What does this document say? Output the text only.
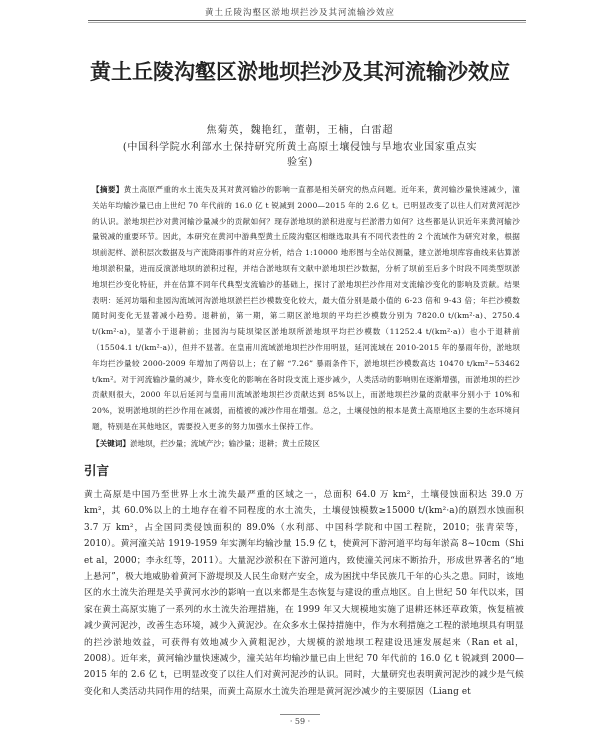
黄土丘陵沟壑区淤地坝拦沙及其河流输沙效应
黄土丘陵沟壑区淤地坝拦沙及其河流输沙效应
焦菊英，魏艳红，董朝，王楠，白雷超
(中国科学院水利部水土保持研究所黄土高原土壤侵蚀与旱地农业国家重点实验室)

【摘要】黄土高原严重的水土流失及其对黄河输沙的影响一直都是相关研究的热点问题。近年来，黄河输沙量快速减少，潼关站年均输沙量已由上世纪 70 年代前的 16.0 亿 t 锐减到 2000—2015 年的 2.6 亿 t。已明显改变了以往人们对黄河泥沙的认识。淤地坝拦沙对黄河输沙量减少的贡献如何？现存淤地坝的淤积进度与拦淤潜力如何？这些都是认识近年来黄河输沙量锐减的重要环节。因此，本研究在黄河中游典型黄土丘陵沟壑区相继选取具有不同代表性的 2 个流域作为研究对象，根据坝前泥样、淤积层次数据及与产流降雨事件的对应分析，结合 1:10000 地形图与全站仪测量，建立淤地坝库容曲线来估算淤地坝淤积量，进而反演淤地坝的淤积过程，并结合淤地坝有文献中淤地坝拦沙数据，分析了坝前至后多个时段不同类型坝淤地坝拦沙变化特征，并在估算不同年代典型支流输沙的基础上，探讨了淤地坝拦沙作用对支流输沙变化的影响及贡献。结果表明：延河坊塌和韭园沟流域河沟淤地坝淤拦拦沙模数变化较大，最大值分别是最小值的 6-23 倍和 9-43 倍；年拦沙模数随时间变化无显著减小趋势。退耕前，第一期，第二期区淤地坝的平均拦沙模数分别为 7820.0 t/(km²·a)、2750.4 t/(km²·a)，显著小于退耕前；韭园沟与陡坝梁区淤地坝所淤地坝平均拦沙模数（11252.4 t/(km²·a)）也小于退耕前（15504.1 t/(km²·a)），但并不显著。在皇甫川流域淤地坝拦沙作用明显，延河流域在 2010-2015 年的暴雨年份，淤地坝年均拦沙量较 2000-2009 年增加了两倍以上；在了解 “7.26” 暴雨条件下，淤地坝拦沙模数高达 10470 t/km²~53462 t/km²。对于河流输沙量的减少，降水变化的影响在各时段支流上逐步减少，人类活动的影响则在逐渐增强，而淤地坝的拦沙贡献则很大，2000 年以后延河与皇甫川流域淤地坝拦沙贡献达到 85%以上，而淤地坝拦沙量的贡献率分别小于 10%和 20%，说明淤地坝的拦沙作用在减弱，而植被的减沙作用在增强。总之，土壤侵蚀的根本是黄土高原地区主要的生态环境问题，特别是在其他地区，需要投入更多的努力加强水土保持工作。

【关键词】淤地坝，拦沙量；流域产沙；输沙量；退耕；黄土丘陵区

引言

黄土高原是中国乃至世界上水土流失最严重的区域之一，总面积 64.0 万 km²，土壤侵蚀面积达 39.0 万 km²，其 60.0%以上的土地存在着不同程度的水土流失，土壤侵蚀模数≥15000 t/(km²·a)的剧烈水蚀面积 3.7 万 km²，占全国同类侵蚀面积的 89.0%（水利部、中国科学院和中国工程院，2010；张青荣等，2010）。黄河潼关站 1919-1959 年实测年均输沙量 15.9 亿 t，使黄河下游河道平均每年淤高 8~10cm（Shi et al，2000；李永红等，2011）。大量泥沙淤积在下游河道内，致使潼关河床不断抬升，形成世界著名的“地上悬河”，极大地威胁着黄河下游堤坝及人民生命财产安全，成为困扰中华民族几千年的心头之患。同时，该地区的水土流失治理是关乎黄河水沙的影响一直以来都是生态恢复与建设的重点地区。自上世纪 50 年代以来，国家在黄土高原实施了一系列的水土流失治理措施，在 1999 年又大规模地实施了退耕还林还草政策，恢复植被减少黄河泥沙，改善生态环境，减少入黄泥沙。在众多水土保持措施中，作为水利措施之工程的淤地坝具有明显的拦沙淤地效益，可获得有效地减少入黄粗泥沙，大规模的淤地坝工程建设迅速发展起来（Ran et al，2008）。近年来，黄河输沙量快速减少，潼关站年均输沙量已由上世纪 70 年代前的 16.0 亿 t 锐减到 2000—2015 年的 2.6 亿 t，已明显改变了以往人们对黄河泥沙的认识。同时，大量研究也表明黄河泥沙的减少是气候变化和人类活动共同作用的结果，而黄土高原水土流失治理是黄河泥沙减少的主要原因（Liang et

· 59 ·
